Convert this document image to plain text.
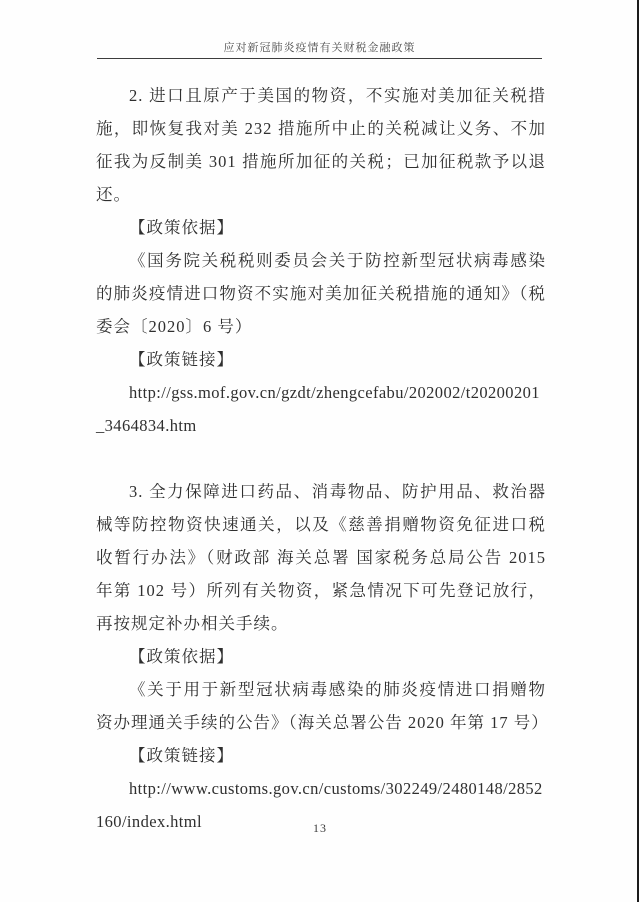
应对新冠肺炎疫情有关财税金融政策

2. 进口且原产于美国的物资，不实施对美加征关税措施，即恢复我对美 232 措施所中止的关税减让义务、不加征我为反制美 301 措施所加征的关税；已加征税款予以退还。

【政策依据】

《国务院关税税则委员会关于防控新型冠状病毒感染的肺炎疫情进口物资不实施对美加征关税措施的通知》（税委会〔2020〕6 号）

【政策链接】

http://gss.mof.gov.cn/gzdt/zhengcefabu/202002/t20200201_3464834.htm

3. 全力保障进口药品、消毒物品、防护用品、救治器械等防控物资快速通关，以及《慈善捐赠物资免征进口税收暂行办法》（财政部 海关总署 国家税务总局公告 2015 年第 102 号）所列有关物资，紧急情况下可先登记放行，再按规定补办相关手续。

【政策依据】

《关于用于新型冠状病毒感染的肺炎疫情进口捐赠物资办理通关手续的公告》（海关总署公告 2020 年第 17 号）

【政策链接】

http://www.customs.gov.cn/customs/302249/2480148/2852160/index.html	13
